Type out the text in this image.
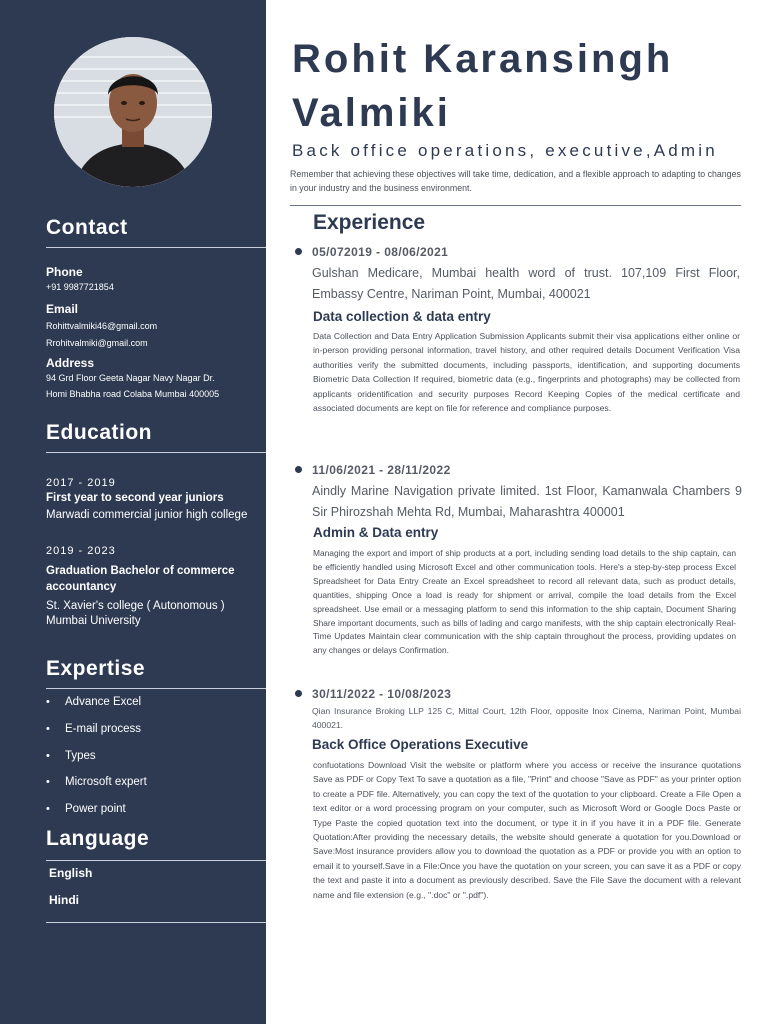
Contact
Phone
+91 9987721854
Email
Rohittvalmiki46@gmail.com
Rrohitvalmiki@gmail.com
Address
94 Grd Floor Geeta Nagar Navy Nagar Dr. Homi Bhabha road Colaba Mumbai 400005
Education
2017 - 2019
First year to second year juniors
Marwadi commercial junior high college
2019 - 2023
Graduation Bachelor of commerce accountancy
St. Xavier's college ( Autonomous ) Mumbai University
Expertise
• Advance Excel
• E-mail process
• Types
• Microsoft expert
• Power point
Language
English
Hindi
Rohit Karansingh Valmiki
Back office operations, executive,Admin
Remember that achieving these objectives will take time, dedication, and a flexible approach to adapting to changes in your industry and the business environment.
Experience
05/072019 - 08/06/2021
Gulshan Medicare, Mumbai health word of trust. 107,109 First Floor, Embassy Centre, Nariman Point, Mumbai, 400021
Data collection & data entry
Data Collection and Data Entry Application Submission Applicants submit their visa applications either online or in-person providing personal information, travel history, and other required details Document Verification Visa authorities verify the submitted documents, including passports, identification, and supporting documents Biometric Data Collection If required, biometric data (e.g., fingerprints and photographs) may be collected from applicants oridentification and security purposes Record Keeping Copies of the medical certificate and associated documents are kept on file for reference and compliance purposes.
11/06/2021 - 28/11/2022
Aindly Marine Navigation private limited. 1st Floor, Kamanwala Chambers 9 Sir Phirozshah Mehta Rd, Mumbai, Maharashtra 400001
Admin & Data entry
Managing the export and import of ship products at a port, including sending load details to the ship captain, can be efficiently handled using Microsoft Excel and other communication tools. Here's a step-by-step process Excel Spreadsheet for Data Entry Create an Excel spreadsheet to record all relevant data, such as product details, quantities, shipping Once a load is ready for shipment or arrival, compile the load details from the Excel spreadsheet. Use email or a messaging platform to send this information to the ship captain, Document Sharing Share important documents, such as bills of lading and cargo manifests, with the ship captain electronically Real-Time Updates Maintain clear communication with the ship captain throughout the process, providing updates on any changes or delays Confirmation.
30/11/2022 - 10/08/2023
Qian Insurance Broking LLP 125 C, Mittal Court, 12th Floor, opposite Inox Cinema, Nariman Point, Mumbai 400021.
Back Office Operations Executive
confuotations Download Visit the website or platform where you access or receive the insurance quotations Save as PDF or Copy Text To save a quotation as a file, "Print" and choose "Save as PDF" as your printer option to create a PDF file. Alternatively, you can copy the text of the quotation to your clipboard. Create a File Open a text editor or a word processing program on your computer, such as Microsoft Word or Google Docs Paste or Type Paste the copied quotation text into the document, or type it in if you have it in a PDF file. Generate Quotation:After providing the necessary details, the website should generate a quotation for you.Download or Save:Most insurance providers allow you to download the quotation as a PDF or provide you with an option to email it to yourself.Save in a File:Once you have the quotation on your screen, you can save it as a PDF or copy the text and paste it into a document as previously described. Save the File Save the document with a relevant name and file extension (e.g., ".doc" or ".pdf").
